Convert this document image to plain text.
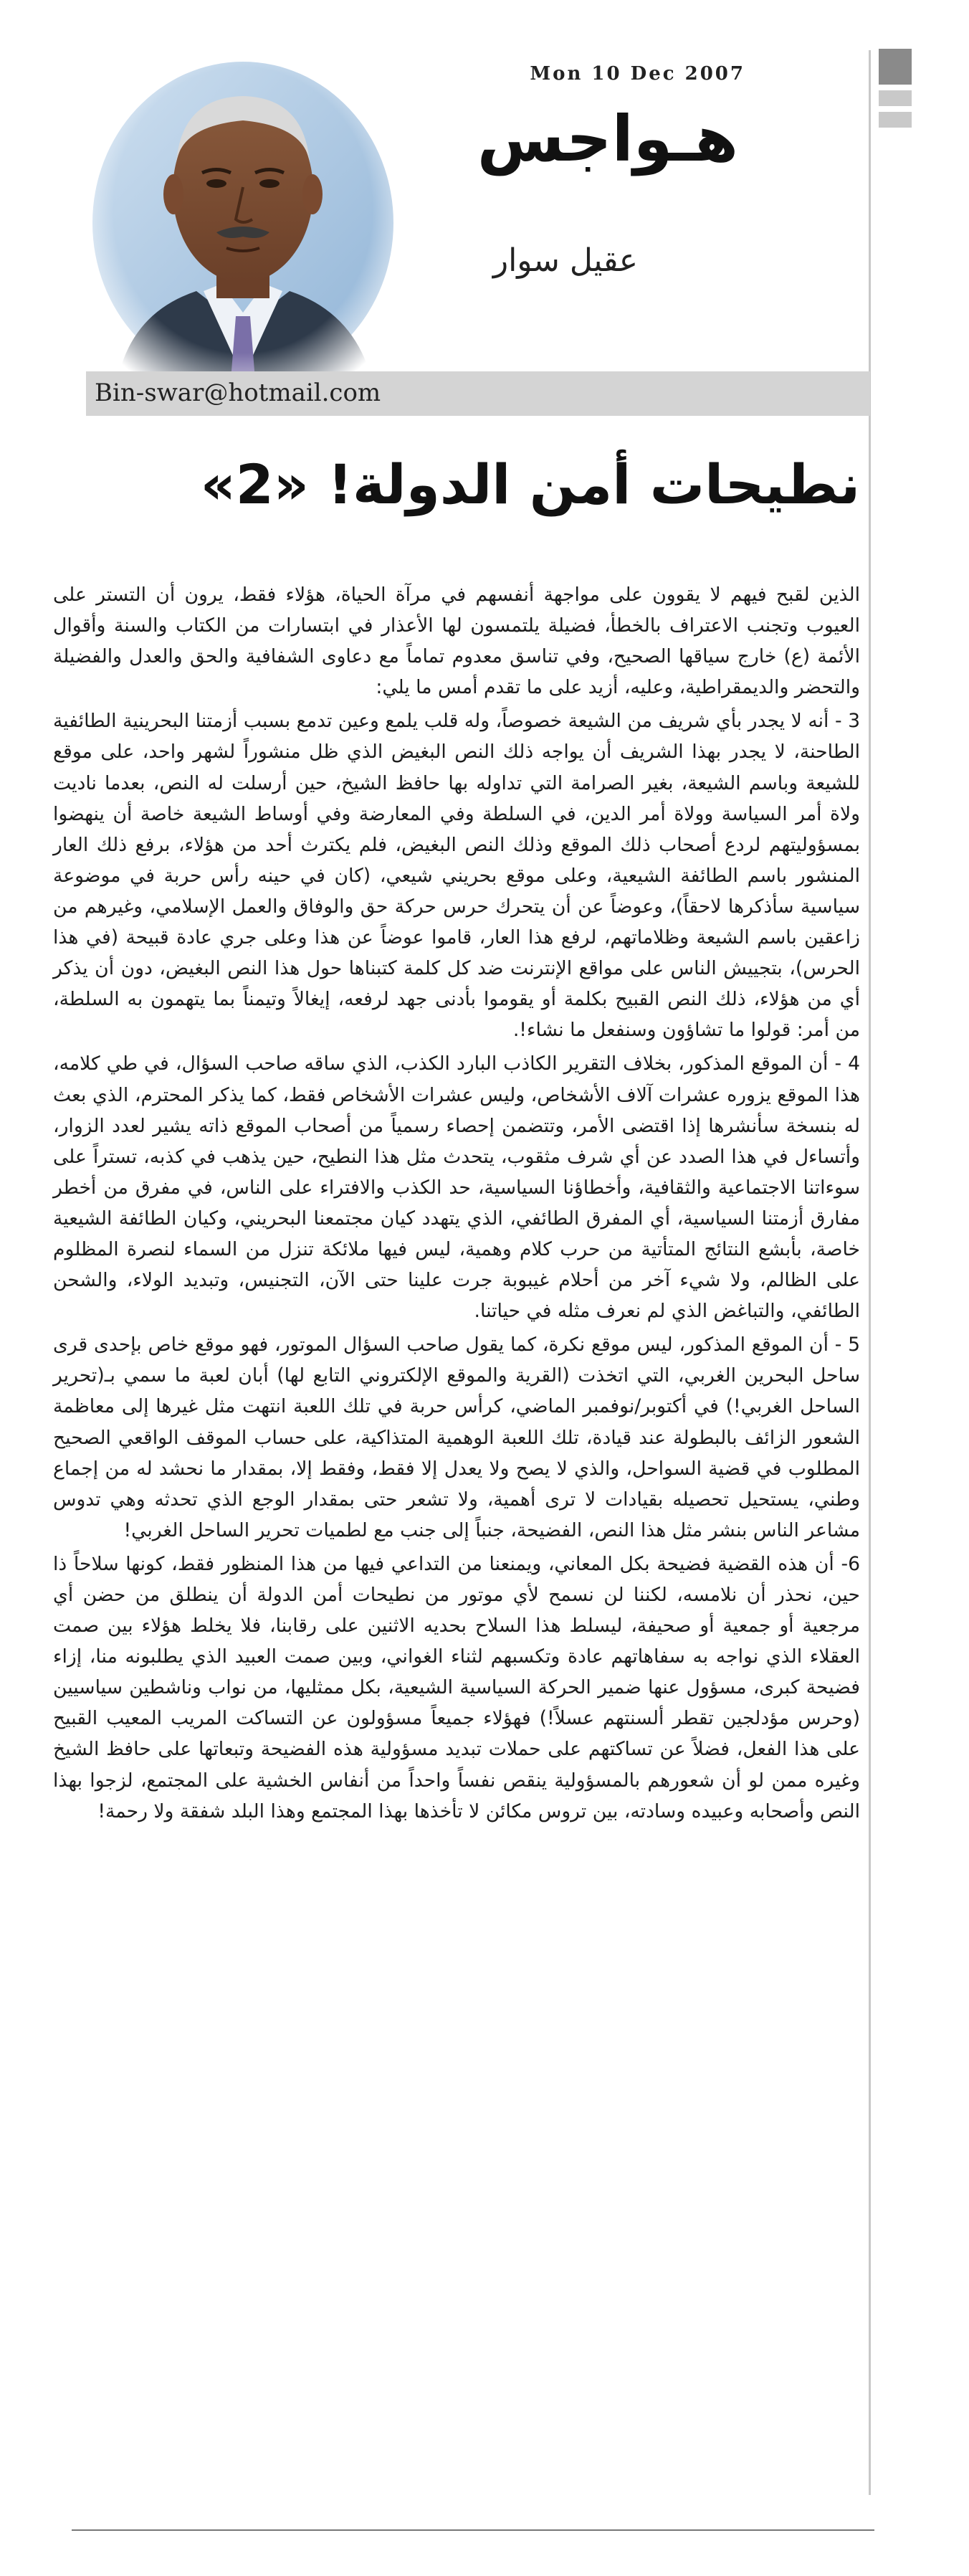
Mon 10 Dec 2007
هـواجس
عقيل سوار
Bin-swar@hotmail.com
نطيحات أمن الدولة! «2»

الذين لقبح فيهم لا يقوون على مواجهة أنفسهم في مرآة الحياة، هؤلاء فقط، يرون أن التستر على العيوب وتجنب الاعتراف بالخطأ، فضيلة يلتمسون لها الأعذار في ابتسارات من الكتاب والسنة وأقوال الأئمة (ع) خارج سياقها الصحيح، وفي تناسق معدوم تماماً مع دعاوى الشفافية والحق والعدل والفضيلة والتحضر والديمقراطية، وعليه، أزيد على ما تقدم أمس ما يلي:

3 - أنه لا يجدر بأي شريف من الشيعة خصوصاً، وله قلب يلمع وعين تدمع بسبب أزمتنا البحرينية الطائفية الطاحنة، لا يجدر بهذا الشريف أن يواجه ذلك النص البغيض الذي ظل منشوراً لشهر واحد، على موقع للشيعة وباسم الشيعة، بغير الصرامة التي تداوله بها حافظ الشيخ، حين أرسلت له النص، بعدما ناديت ولاة أمر السياسة وولاة أمر الدين، في السلطة وفي المعارضة وفي أوساط الشيعة خاصة أن ينهضوا بمسؤوليتهم لردع أصحاب ذلك الموقع وذلك النص البغيض، فلم يكترث أحد من هؤلاء، برفع ذلك العار المنشور باسم الطائفة الشيعية، وعلى موقع بحريني شيعي، (كان في حينه رأس حربة في موضوعة سياسية سأذكرها لاحقاً)، وعوضاً عن أن يتحرك حرس حركة حق والوفاق والعمل الإسلامي، وغيرهم من زاعقين باسم الشيعة وظلاماتهم، لرفع هذا العار، قاموا عوضاً عن هذا وعلى جري عادة قبيحة (في هذا الحرس)، بتجييش الناس على مواقع الإنترنت ضد كل كلمة كتبناها حول هذا النص البغيض، دون أن يذكر أي من هؤلاء، ذلك النص القبيح بكلمة أو يقوموا بأدنى جهد لرفعه، إيغالاً وتيمناً بما يتهمون به السلطة، من أمر: قولوا ما تشاؤون وسنفعل ما نشاء!.

4 - أن الموقع المذكور، بخلاف التقرير الكاذب البارد الكذب، الذي ساقه صاحب السؤال، في طي كلامه، هذا الموقع يزوره عشرات آلاف الأشخاص، وليس عشرات الأشخاص فقط، كما يذكر المحترم، الذي بعث له بنسخة سأنشرها إذا اقتضى الأمر، وتتضمن إحصاء رسمياً من أصحاب الموقع ذاته يشير لعدد الزوار، وأتساءل في هذا الصدد عن أي شرف مثقوب، يتحدث مثل هذا النطيح، حين يذهب في كذبه، تستراً على سوءاتنا الاجتماعية والثقافية، وأخطاؤنا السياسية، حد الكذب والافتراء على الناس، في مفرق من أخطر مفارق أزمتنا السياسية، أي المفرق الطائفي، الذي يتهدد كيان مجتمعنا البحريني، وكيان الطائفة الشيعية خاصة، بأبشع النتائج المتأتية من حرب كلام وهمية، ليس فيها ملائكة تنزل من السماء لنصرة المظلوم على الظالم، ولا شيء آخر من أحلام غيبوبة جرت علينا حتى الآن، التجنيس، وتبديد الولاء، والشحن الطائفي، والتباغض الذي لم نعرف مثله في حياتنا.

5 - أن الموقع المذكور، ليس موقع نكرة، كما يقول صاحب السؤال الموتور، فهو موقع خاص بإحدى قرى ساحل البحرين الغربي، التي اتخذت (القرية والموقع الإلكتروني التابع لها) أبان لعبة ما سمي بـ(تحرير الساحل الغربي!) في أكتوبر/نوفمبر الماضي، كرأس حربة في تلك اللعبة انتهت مثل غيرها إلى معاظمة الشعور الزائف بالبطولة عند قيادة، تلك اللعبة الوهمية المتذاكية، على حساب الموقف الواقعي الصحيح المطلوب في قضية السواحل، والذي لا يصح ولا يعدل إلا فقط، وفقط إلا، بمقدار ما نحشد له من إجماع وطني، يستحيل تحصيله بقيادات لا ترى أهمية، ولا تشعر حتى بمقدار الوجع الذي تحدثه وهي تدوس مشاعر الناس بنشر مثل هذا النص، الفضيحة، جنباً إلى جنب مع لطميات تحرير الساحل الغربي!

6- أن هذه القضية فضيحة بكل المعاني، ويمنعنا من التداعي فيها من هذا المنظور فقط، كونها سلاحاً ذا حين، نحذر أن نلامسه، لكننا لن نسمح لأي موتور من نطيحات أمن الدولة أن ينطلق من حضن أي مرجعية أو جمعية أو صحيفة، ليسلط هذا السلاح بحديه الاثنين على رقابنا، فلا يخلط هؤلاء بين صمت العقلاء الذي نواجه به سفاهاتهم عادة وتكسبهم لثناء الغواني، وبين صمت العبيد الذي يطلبونه منا، إزاء فضيحة كبرى، مسؤول عنها ضمير الحركة السياسية الشيعية، بكل ممثليها، من نواب وناشطين سياسيين (وحرس مؤدلجين تقطر ألسنتهم عسلاً!) فهؤلاء جميعاً مسؤولون عن التساكت المريب المعيب القبيح على هذا الفعل، فضلاً عن تساكتهم على حملات تبديد مسؤولية هذه الفضيحة وتبعاتها على حافظ الشيخ وغيره ممن لو أن شعورهم بالمسؤولية ينقص نفساً واحداً من أنفاس الخشية على المجتمع، لزجوا بهذا النص وأصحابه وعبيده وسادته، بين تروس مكائن لا تأخذها بهذا المجتمع وهذا البلد شفقة ولا رحمة!
